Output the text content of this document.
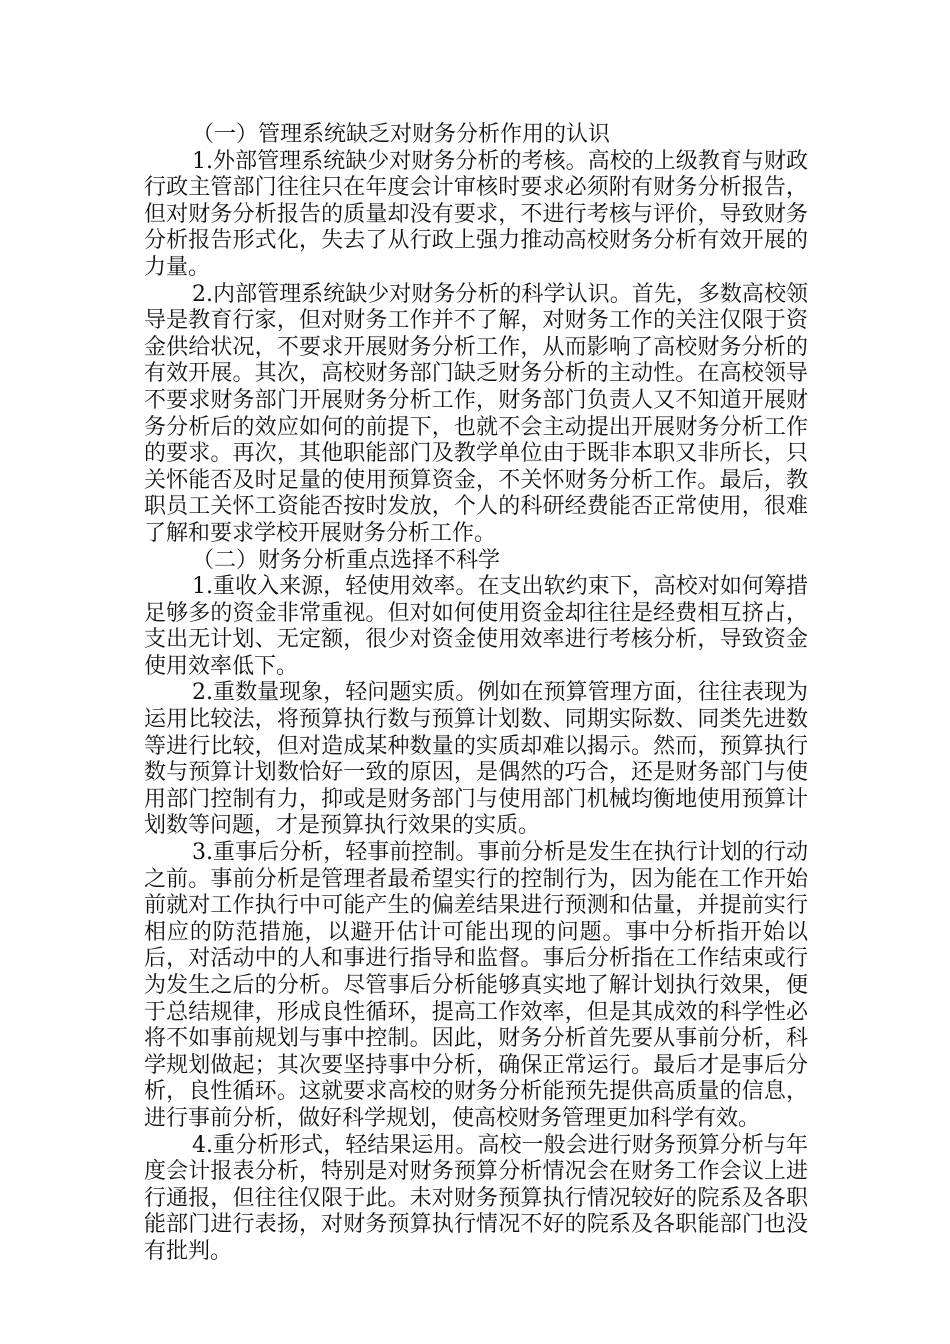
（一）管理系统缺乏对财务分析作用的认识

1.外部管理系统缺少对财务分析的考核。高校的上级教育与财政行政主管部门往往只在年度会计审核时要求必须附有财务分析报告，但对财务分析报告的质量却没有要求，不进行考核与评价，导致财务分析报告形式化，失去了从行政上强力推动高校财务分析有效开展的力量。

2.内部管理系统缺少对财务分析的科学认识。首先，多数高校领导是教育行家，但对财务工作并不了解，对财务工作的关注仅限于资金供给状况，不要求开展财务分析工作，从而影响了高校财务分析的有效开展。其次，高校财务部门缺乏财务分析的主动性。在高校领导不要求财务部门开展财务分析工作，财务部门负责人又不知道开展财务分析后的效应如何的前提下，也就不会主动提出开展财务分析工作的要求。再次，其他职能部门及教学单位由于既非本职又非所长，只关怀能否及时足量的使用预算资金，不关怀财务分析工作。最后，教职员工关怀工资能否按时发放，个人的科研经费能否正常使用，很难了解和要求学校开展财务分析工作。

（二）财务分析重点选择不科学

1.重收入来源，轻使用效率。在支出软约束下，高校对如何筹措足够多的资金非常重视。但对如何使用资金却往往是经费相互挤占，支出无计划、无定额，很少对资金使用效率进行考核分析，导致资金使用效率低下。

2.重数量现象，轻问题实质。例如在预算管理方面，往往表现为运用比较法，将预算执行数与预算计划数、同期实际数、同类先进数等进行比较，但对造成某种数量的实质却难以揭示。然而，预算执行数与预算计划数恰好一致的原因，是偶然的巧合，还是财务部门与使用部门控制有力，抑或是财务部门与使用部门机械均衡地使用预算计划数等问题，才是预算执行效果的实质。

3.重事后分析，轻事前控制。事前分析是发生在执行计划的行动之前。事前分析是管理者最希望实行的控制行为，因为能在工作开始前就对工作执行中可能产生的偏差结果进行预测和估量，并提前实行相应的防范措施，以避开估计可能出现的问题。事中分析指开始以后，对活动中的人和事进行指导和监督。事后分析指在工作结束或行为发生之后的分析。尽管事后分析能够真实地了解计划执行效果，便于总结规律，形成良性循环，提高工作效率，但是其成效的科学性必将不如事前规划与事中控制。因此，财务分析首先要从事前分析，科学规划做起；其次要坚持事中分析，确保正常运行。最后才是事后分析，良性循环。这就要求高校的财务分析能预先提供高质量的信息，进行事前分析，做好科学规划，使高校财务管理更加科学有效。

4.重分析形式，轻结果运用。高校一般会进行财务预算分析与年度会计报表分析，特别是对财务预算分析情况会在财务工作会议上进行通报，但往往仅限于此。未对财务预算执行情况较好的院系及各职能部门进行表扬，对财务预算执行情况不好的院系及各职能部门也没有批判。
